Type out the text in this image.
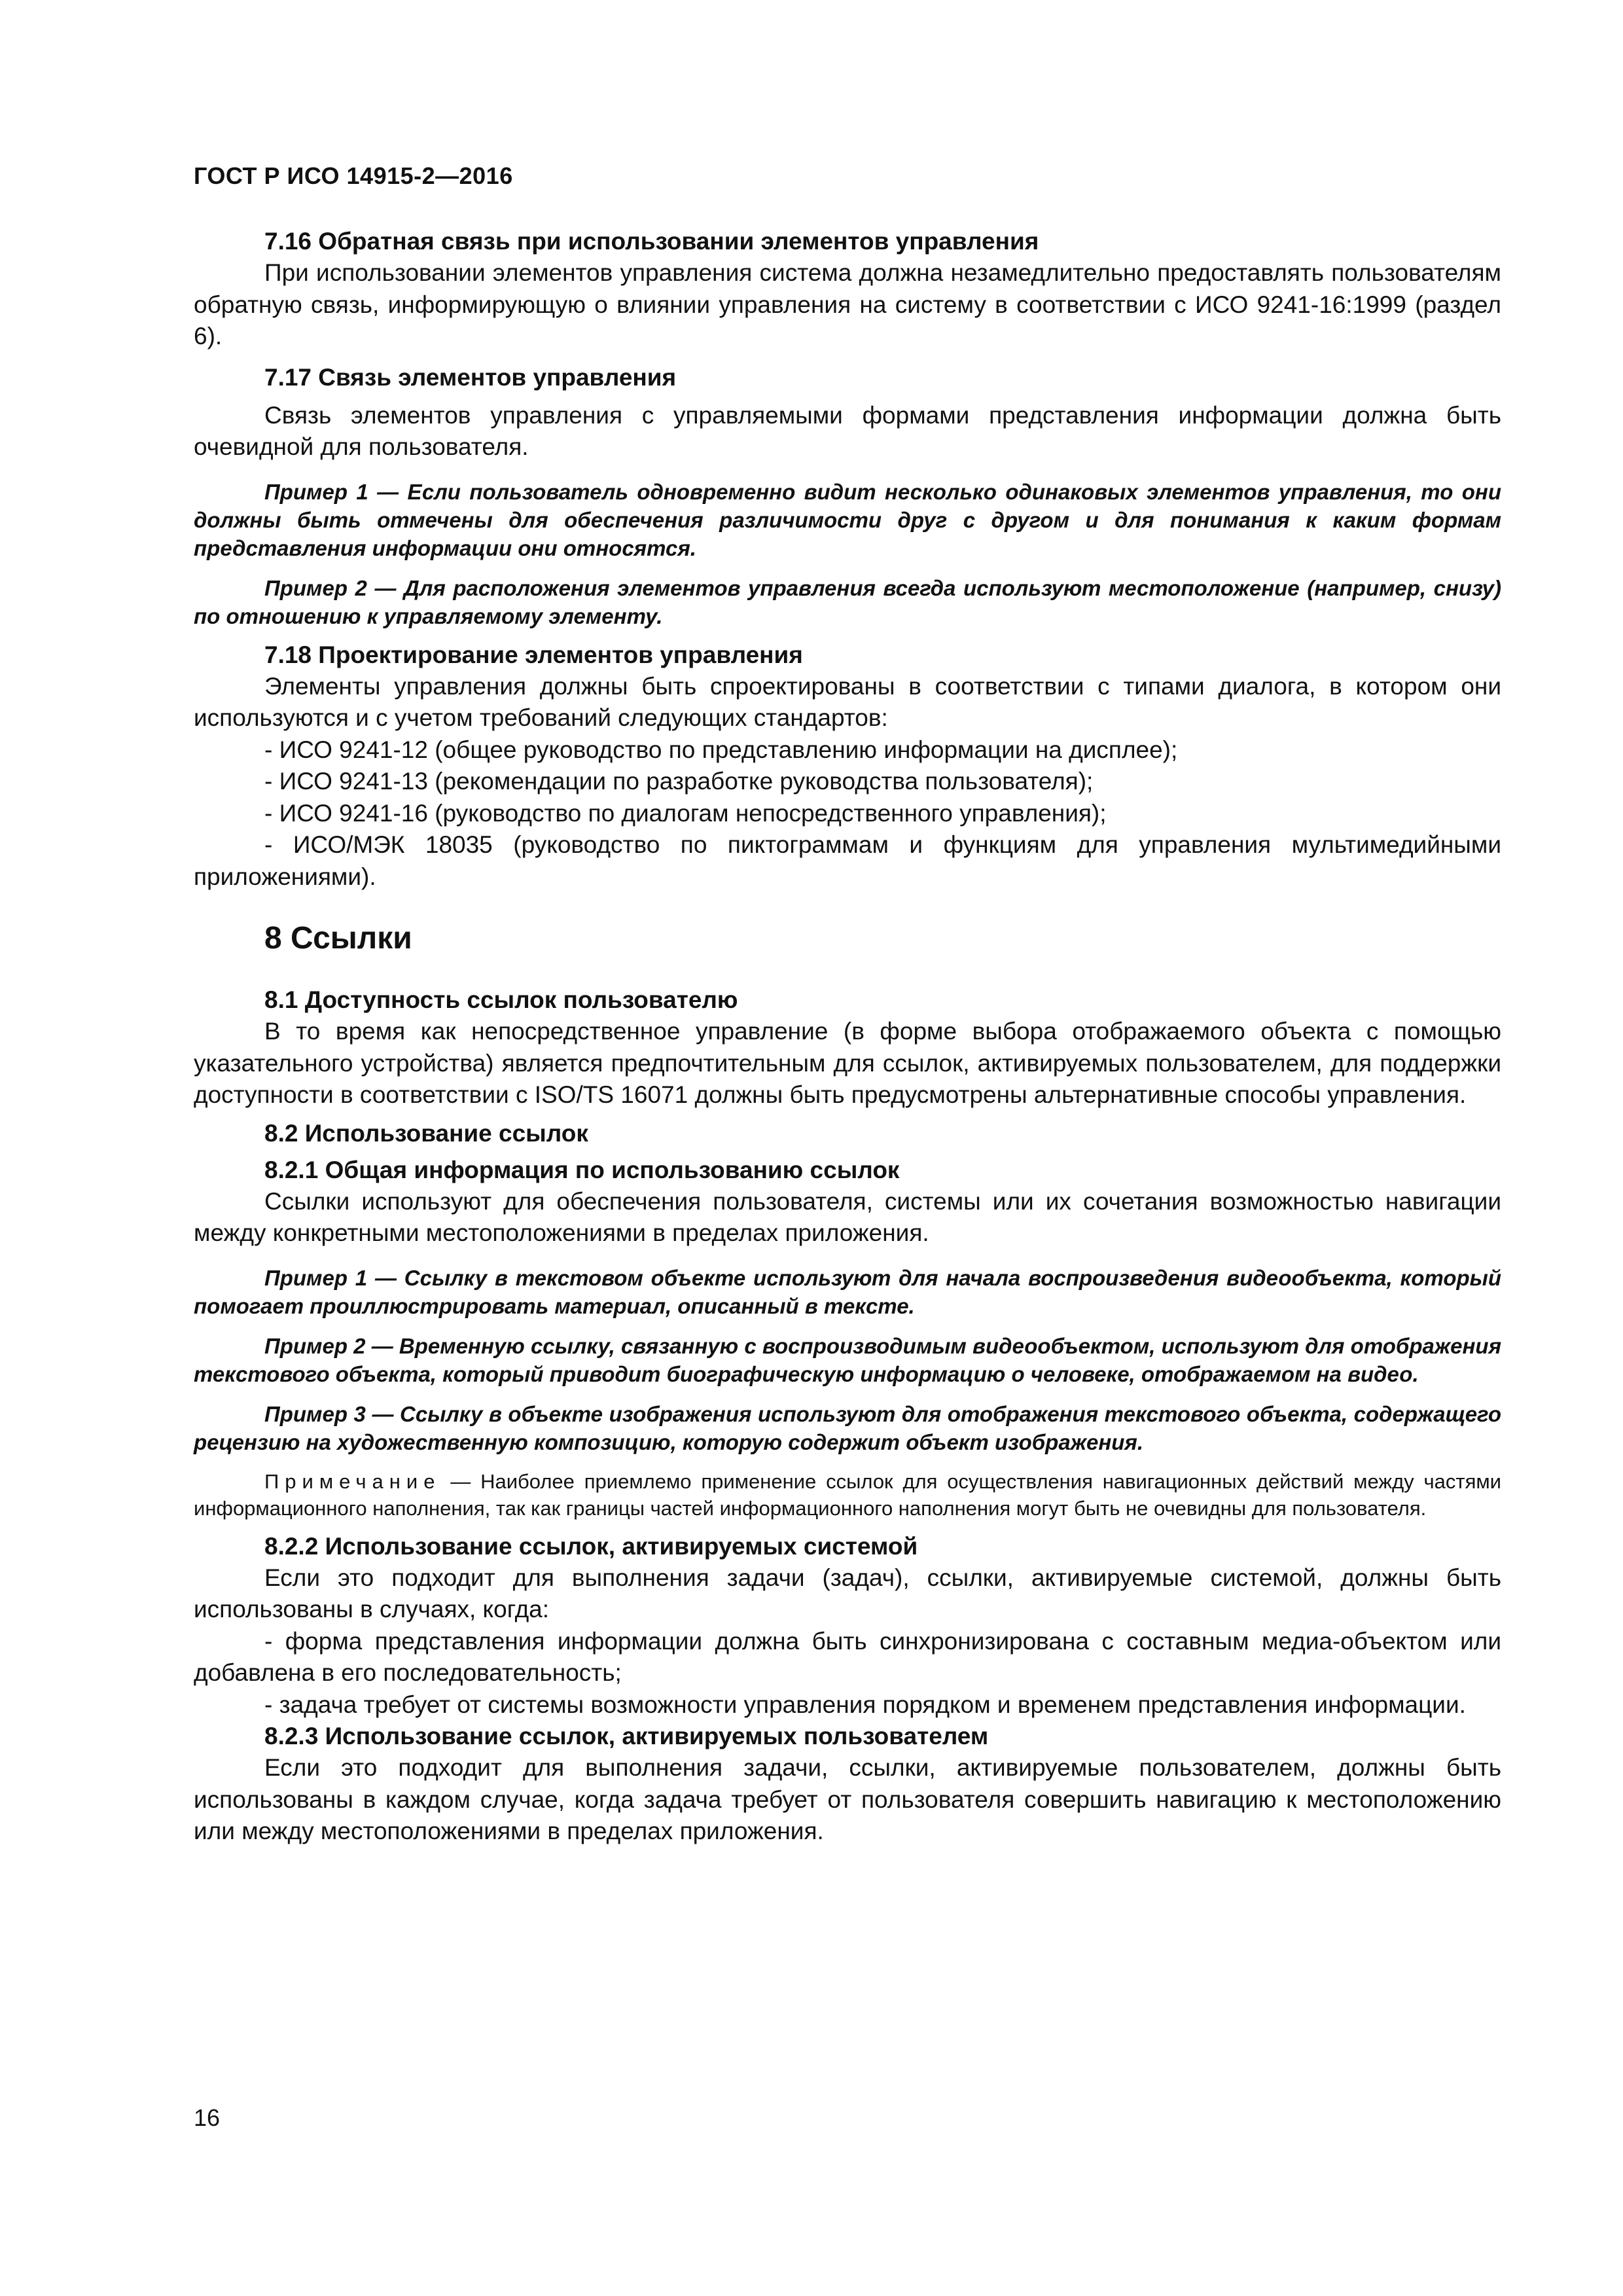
ГОСТ Р ИСО 14915-2—2016

7.16 Обратная связь при использовании элементов управления

При использовании элементов управления система должна незамедлительно предоставлять пользователям обратную связь, информирующую о влиянии управления на систему в соответствии с ИСО 9241-16:1999 (раздел 6).

7.17 Связь элементов управления

Связь элементов управления с управляемыми формами представления информации должна быть очевидной для пользователя.

Пример 1 — Если пользователь одновременно видит несколько одинаковых элементов управления, то они должны быть отмечены для обеспечения различимости друг с другом и для понимания к каким формам представления информации они относятся.

Пример 2 — Для расположения элементов управления всегда используют местоположение (например, снизу) по отношению к управляемому элементу.

7.18 Проектирование элементов управления

Элементы управления должны быть спроектированы в соответствии с типами диалога, в котором они используются и с учетом требований следующих стандартов:

- ИСО 9241-12 (общее руководство по представлению информации на дисплее);

- ИСО 9241-13 (рекомендации по разработке руководства пользователя);

- ИСО 9241-16 (руководство по диалогам непосредственного управления);

- ИСО/МЭК 18035 (руководство по пиктограммам и функциям для управления мультимедийными приложениями).

8 Ссылки

8.1 Доступность ссылок пользователю

В то время как непосредственное управление (в форме выбора отображаемого объекта с помощью указательного устройства) является предпочтительным для ссылок, активируемых пользователем, для поддержки доступности в соответствии с ISO/TS 16071 должны быть предусмотрены альтернативные способы управления.

8.2 Использование ссылок

8.2.1 Общая информация по использованию ссылок

Ссылки используют для обеспечения пользователя, системы или их сочетания возможностью навигации между конкретными местоположениями в пределах приложения.

Пример 1 — Ссылку в текстовом объекте используют для начала воспроизведения видеообъекта, который помогает проиллюстрировать материал, описанный в тексте.

Пример 2 — Временную ссылку, связанную с воспроизводимым видеообъектом, используют для отображения текстового объекта, который приводит биографическую информацию о человеке, отображаемом на видео.

Пример 3 — Ссылку в объекте изображения используют для отображения текстового объекта, содержащего рецензию на художественную композицию, которую содержит объект изображения.

Примечание — Наиболее приемлемо применение ссылок для осуществления навигационных действий между частями информационного наполнения, так как границы частей информационного наполнения могут быть не очевидны для пользователя.

8.2.2 Использование ссылок, активируемых системой

Если это подходит для выполнения задачи (задач), ссылки, активируемые системой, должны быть использованы в случаях, когда:

- форма представления информации должна быть синхронизирована с составным медиа-объектом или добавлена в его последовательность;

- задача требует от системы возможности управления порядком и временем представления информации.

8.2.3 Использование ссылок, активируемых пользователем

Если это подходит для выполнения задачи, ссылки, активируемые пользователем, должны быть использованы в каждом случае, когда задача требует от пользователя совершить навигацию к местоположению или между местоположениями в пределах приложения.

16
